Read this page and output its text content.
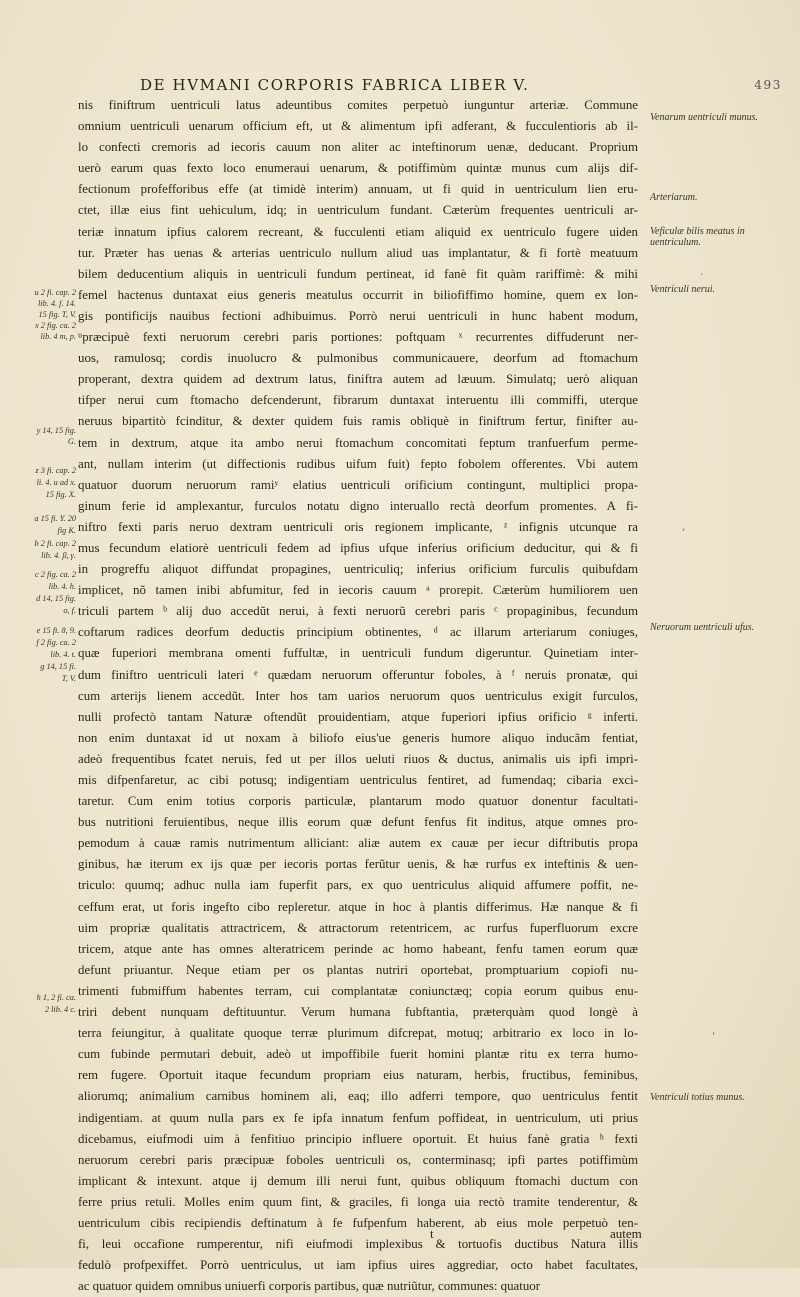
DE HVMANI CORPORIS FABRICA LIBER V.	493
nis finiftrum uentriculi latus adeuntibus comites perpetuò iunguntur arteriæ. Commune
omnium uentriculi uenarum officium eft, ut & alimentum ipfi adferant, & fucculentioris ab il-
lo confecti cremoris ad iecoris cauum non aliter ac inteftinorum uenæ, deducant. Proprium
uerò earum quas fexto loco enumeraui uenarum, & potiffimùm quintæ munus cum alijs dif-
fectionum profefforibus effe (at timidè interim) annuam, ut fi quid in uentriculum lien eru-
ctet, illæ eius fint uehiculum, idq; in uentriculum fundant. Cæterùm frequentes uentriculi ar-
teriæ innatum ipfius calorem recreant, & fucculenti etiam aliquid ex uentriculo fugere uiden
tur. Præter has uenas & arterias uentriculo nullum aliud uas implantatur, & fi fortè meatuum
bilem deducentium aliquis in uentriculi fundum pertineat, id fanè fit quàm rariffimè: & mihi
femel hactenus duntaxat eius generis meatulus occurrit in biliofiffimo homine, quem ex lon-
gis pontificijs nauibus fectioni adhibuimus. Porrò nerui uentriculi in hunc habent modum,
ᵘpræcipuè fexti neruorum cerebri paris portiones: poftquam ˣ recurrentes diffuderunt ner-
uos, ramulosq; cordis inuolucro & pulmonibus communicauere, deorfum ad ftomachum
properant, dextra quidem ad dextrum latus, finiftra autem ad læuum. Simulatq; uerò aliquan
tifper nerui cum ftomacho defcenderunt, fibrarum duntaxat interuentu illi commiffi, uterque
neruus bipartitò fcinditur, & dexter quidem fuis ramis obliquè in finiftrum fertur, finifter au-
tem in dextrum, atque ita ambo nerui ftomachum concomitati feptum tranfuerfum perme-
ant, nullam interim (ut diffectionis rudibus uifum fuit) fepto fobolem offerentes. Vbi autem
quatuor duorum neruorum ramiʸ elatius uentriculi orificium contingunt, multiplici propa-
ginum ferie id amplexantur, furculos notatu digno interuallo rectà deorfum promentes. A fi-
niftro fexti paris neruo dextram uentriculi oris regionem implicante, ᶻ infignis utcunque ra
mus fecundum elatiorè uentriculi fedem ad ipfius ufque inferius orificium deducitur, qui & fi
in progreffu aliquot diffundat propagines, uentriculiq; inferius orificium furculis quibufdam
implicet, nõ tamen inibi abfumitur, fed in iecoris cauum ᵃ prorepit. Cæterùm humiliorem uen
triculi partem ᵇ alij duo accedũt nerui, à fexti neruorũ cerebri paris ᶜ propaginibus, fecundum
coftarum radices deorfum deductis principium obtinentes, ᵈ ac illarum arteriarum coniuges,
quæ fuperiori membrana omenti fuffultæ, in uentriculi fundum digeruntur. Quinetiam inter-
dum finiftro uentriculi lateri ᵉ quædam neruorum offeruntur foboles, à ᶠ neruis pronatæ, qui
cum arterijs lienem accedũt. Inter hos tam uarios neruorum quos uentriculus exigit furculos,
nulli profectò tantam Naturæ oftendũt prouidentiam, atque fuperiori ipfius orificio ᵍ inferti.
non enim duntaxat id ut noxam à biliofo eius'ue generis humore aliquo inducãm fentiat,
adeò frequentibus fcatet neruis, fed ut per illos ueluti riuos & ductus, animalis uis ipfi impri-
mis difpenfaretur, ac cibi potusq; indigentiam uentriculus fentiret, ad fumendaq; cibaria exci-
taretur. Cum enim totius corporis particulæ, plantarum modo quatuor donentur facultati-
bus nutritioni feruientibus, neque illis eorum quæ defunt fenfus fit inditus, atque omnes pro-
pemodum à cauæ ramis nutrimentum alliciant: aliæ autem ex cauæ per iecur diftributis propa
ginibus, hæ iterum ex ijs quæ per iecoris portas ferũtur uenis, & hæ rurfus ex inteftinis & uen-
triculo: quumq; adhuc nulla iam fuperfit pars, ex quo uentriculus aliquid affumere poffit, ne-
ceffum erat, ut foris ingefto cibo repleretur. atque in hoc à plantis differimus. Hæ nanque & fi
uim propriæ qualitatis attractricem, & attractorum retentricem, ac rurfus fuperfluorum excre
tricem, atque ante has omnes alteratricem perinde ac homo habeant, fenfu tamen eorum quæ
defunt priuantur. Neque etiam per os plantas nutriri oportebat, promptuarium copiofi nu-
trimenti fubmiffum habentes terram, cui complantatæ coniunctæq; copia eorum quibus enu-
triri debent nunquam deftituuntur. Verum humana fubftantia, præterquàm quod longè à
terra feiungitur, à qualitate quoque terræ plurimum difcrepat, motuq; arbitrario ex loco in lo-
cum fubinde permutari debuit, adeò ut impoffibile fuerit homini plantæ ritu ex terra humo-
rem fugere. Oportuit itaque fecundum propriam eius naturam, herbis, fructibus, feminibus,
aliorumq; animalium carnibus hominem ali, eaq; illo adferri tempore, quo uentriculus fentit
indigentiam. at quum nulla pars ex fe ipfa innatum fenfum poffideat, in uentriculum, uti prius
dicebamus, eiufmodi uim à fenfitiuo principio influere oportuit. Et huius fanè gratia ʰ fexti
neruorum cerebri paris præcipuæ foboles uentriculi os, conterminasq; ipfi partes potiffimùm
implicant & intexunt. atque ij demum illi nerui funt, quibus obliquum ftomachi ductum con
ferre prius retuli. Molles enim quum fint, & graciles, fi longa uia rectò tramite tenderentur, &
uentriculum cibis recipiendis deftinatum à fe fufpenfum haberent, ab eius mole perpetuò ten-
fi, leui occafione rumperentur, nifi eiufmodi implexibus & tortuofis ductibus Natura illis
fedulò profpexiffet. Porrò uentriculus, ut iam ipfius uires aggrediar, octo habet facultates,
ac quatuor quidem omnibus uniuerfi corporis partibus, quæ nutriũtur, communes: quatuor
u 2 fi. cap. 2
lib. 4. f. 14.
15 fig. T, V.
x 2 fig. ca. 2
lib. 4 m, p.
y 14, 15 fig.
G.
z 3 fi. cap. 2
li. 4. u ad x.
15 fig. X.
a 15 fi. Y. 20
fig K.
b 2 fi. cap. 2
lib. 4. β, γ.
c 2 fig. ca. 2
lib. 4. h.
d 14, 15 fig.
o, f.
e 15 fi. 8, 9.
f 2 fig. ca. 2
lib. 4. t.
g 14, 15 fi.
T, V.
h 1, 2 fi. ca.
2 lib. 4 c.
Venarum uentriculi munus.
Arteriarum.
Veficulæ bilis meatus in uentriculum.
Ventriculi nerui.
Neruorum uentriculi ufus.
Ventriculi totius munus.
·
,
'
t	autem
